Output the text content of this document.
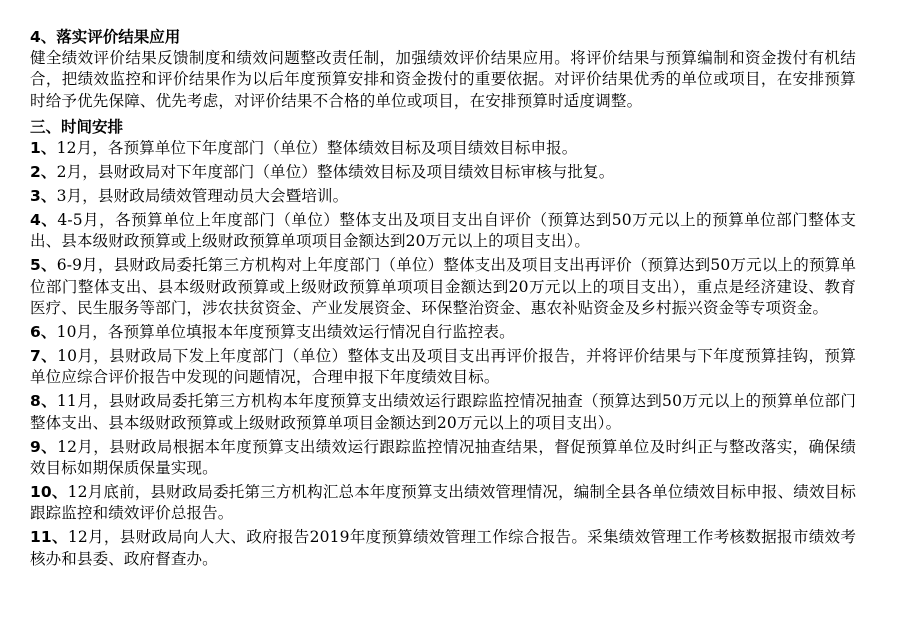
4、落实评价结果应用

健全绩效评价结果反馈制度和绩效问题整改责任制，加强绩效评价结果应用。将评价结果与预算编制和资金拨付有机结合，把绩效监控和评价结果作为以后年度预算安排和资金拨付的重要依据。对评价结果优秀的单位或项目，在安排预算时给予优先保障、优先考虑，对评价结果不合格的单位或项目，在安排预算时适度调整。

三、时间安排

1、12月，各预算单位下年度部门（单位）整体绩效目标及项目绩效目标申报。

2、2月，县财政局对下年度部门（单位）整体绩效目标及项目绩效目标审核与批复。

3、3月，县财政局绩效管理动员大会暨培训。

4、4-5月，各预算单位上年度部门（单位）整体支出及项目支出自评价（预算达到50万元以上的预算单位部门整体支出、县本级财政预算或上级财政预算单项项目金额达到20万元以上的项目支出）。

5、6-9月，县财政局委托第三方机构对上年度部门（单位）整体支出及项目支出再评价（预算达到50万元以上的预算单位部门整体支出、县本级财政预算或上级财政预算单项项目金额达到20万元以上的项目支出），重点是经济建设、教育医疗、民生服务等部门，涉农扶贫资金、产业发展资金、环保整治资金、惠农补贴资金及乡村振兴资金等专项资金。

6、10月，各预算单位填报本年度预算支出绩效运行情况自行监控表。

7、10月，县财政局下发上年度部门（单位）整体支出及项目支出再评价报告，并将评价结果与下年度预算挂钩，预算单位应综合评价报告中发现的问题情况，合理申报下年度绩效目标。

8、11月，县财政局委托第三方机构本年度预算支出绩效运行跟踪监控情况抽查（预算达到50万元以上的预算单位部门整体支出、县本级财政预算或上级财政预算单项目金额达到20万元以上的项目支出）。

9、12月，县财政局根据本年度预算支出绩效运行跟踪监控情况抽查结果，督促预算单位及时纠正与整改落实，确保绩效目标如期保质保量实现。

10、12月底前，县财政局委托第三方机构汇总本年度预算支出绩效管理情况，编制全县各单位绩效目标申报、绩效目标跟踪监控和绩效评价总报告。

11、12月，县财政局向人大、政府报告2019年度预算绩效管理工作综合报告。采集绩效管理工作考核数据报市绩效考核办和县委、政府督查办。
